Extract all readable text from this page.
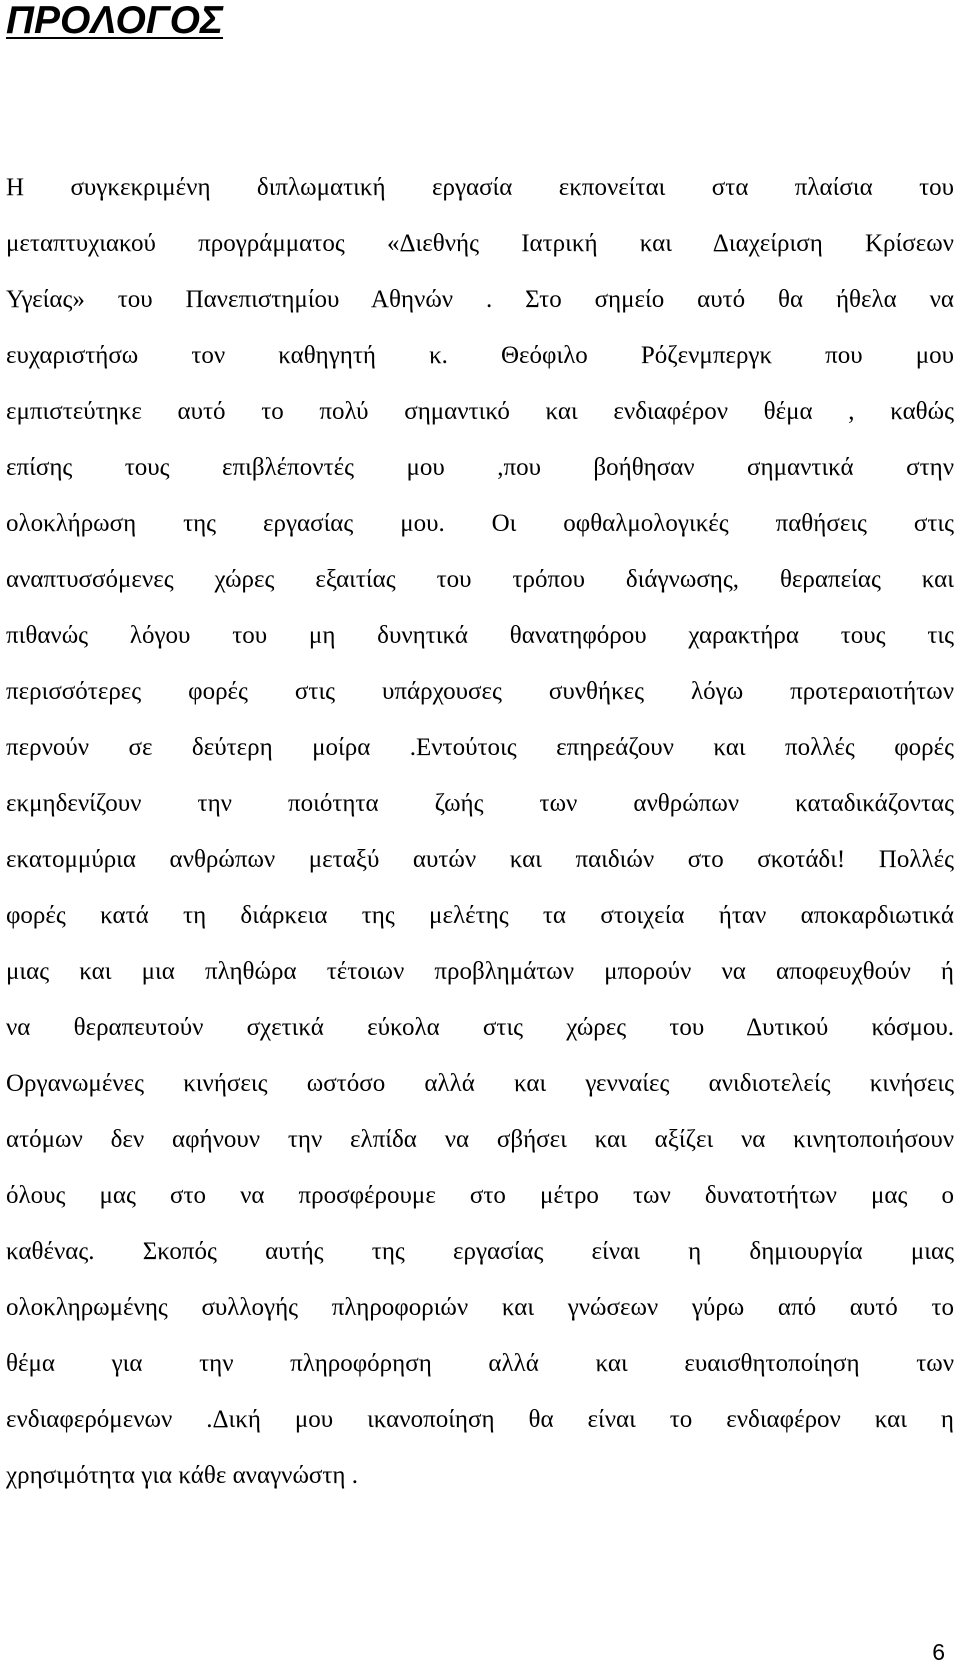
ΠΡΟΛΟΓΟΣ
Η συγκεκριμένη διπλωματική εργασία εκπονείται στα πλαίσια του
μεταπτυχιακού προγράμματος «Διεθνής Ιατρική και Διαχείριση Κρίσεων
Υγείας» του Πανεπιστημίου Αθηνών . Στο σημείο αυτό θα ήθελα να
ευχαριστήσω τον καθηγητή κ. Θεόφιλο Ρόζενμπεργκ που μου
εμπιστεύτηκε αυτό το πολύ σημαντικό και ενδιαφέρον θέμα , καθώς
επίσης τους επιβλέποντές μου ,που βοήθησαν σημαντικά στην
ολοκλήρωση της εργασίας μου. Οι οφθαλμολογικές παθήσεις στις
αναπτυσσόμενες χώρες εξαιτίας του τρόπου διάγνωσης, θεραπείας και
πιθανώς λόγου του μη δυνητικά θανατηφόρου χαρακτήρα τους τις
περισσότερες φορές στις υπάρχουσες συνθήκες λόγω προτεραιοτήτων
περνούν σε δεύτερη μοίρα .Εντούτοις επηρεάζουν και πολλές φορές
εκμηδενίζουν την ποιότητα ζωής των ανθρώπων καταδικάζοντας
εκατομμύρια ανθρώπων μεταξύ αυτών και παιδιών στο σκοτάδι! Πολλές
φορές κατά τη διάρκεια της μελέτης τα στοιχεία ήταν αποκαρδιωτικά
μιας και μια πληθώρα τέτοιων προβλημάτων μπορούν να αποφευχθούν ή
να θεραπευτούν σχετικά εύκολα στις χώρες του Δυτικού κόσμου.
Οργανωμένες κινήσεις ωστόσο αλλά και γενναίες ανιδιοτελείς κινήσεις
ατόμων δεν αφήνουν την ελπίδα να σβήσει και αξίζει να κινητοποιήσουν
όλους μας στο να προσφέρουμε στο μέτρο των δυνατοτήτων μας ο
καθένας. Σκοπός αυτής της εργασίας είναι η δημιουργία μιας
ολοκληρωμένης συλλογής πληροφοριών και γνώσεων γύρω από αυτό το
θέμα για την πληροφόρηση αλλά και ευαισθητοποίηση των
ενδιαφερόμενων .Δική μου ικανοποίηση θα είναι το ενδιαφέρον και η
χρησιμότητα για κάθε αναγνώστη .
6
